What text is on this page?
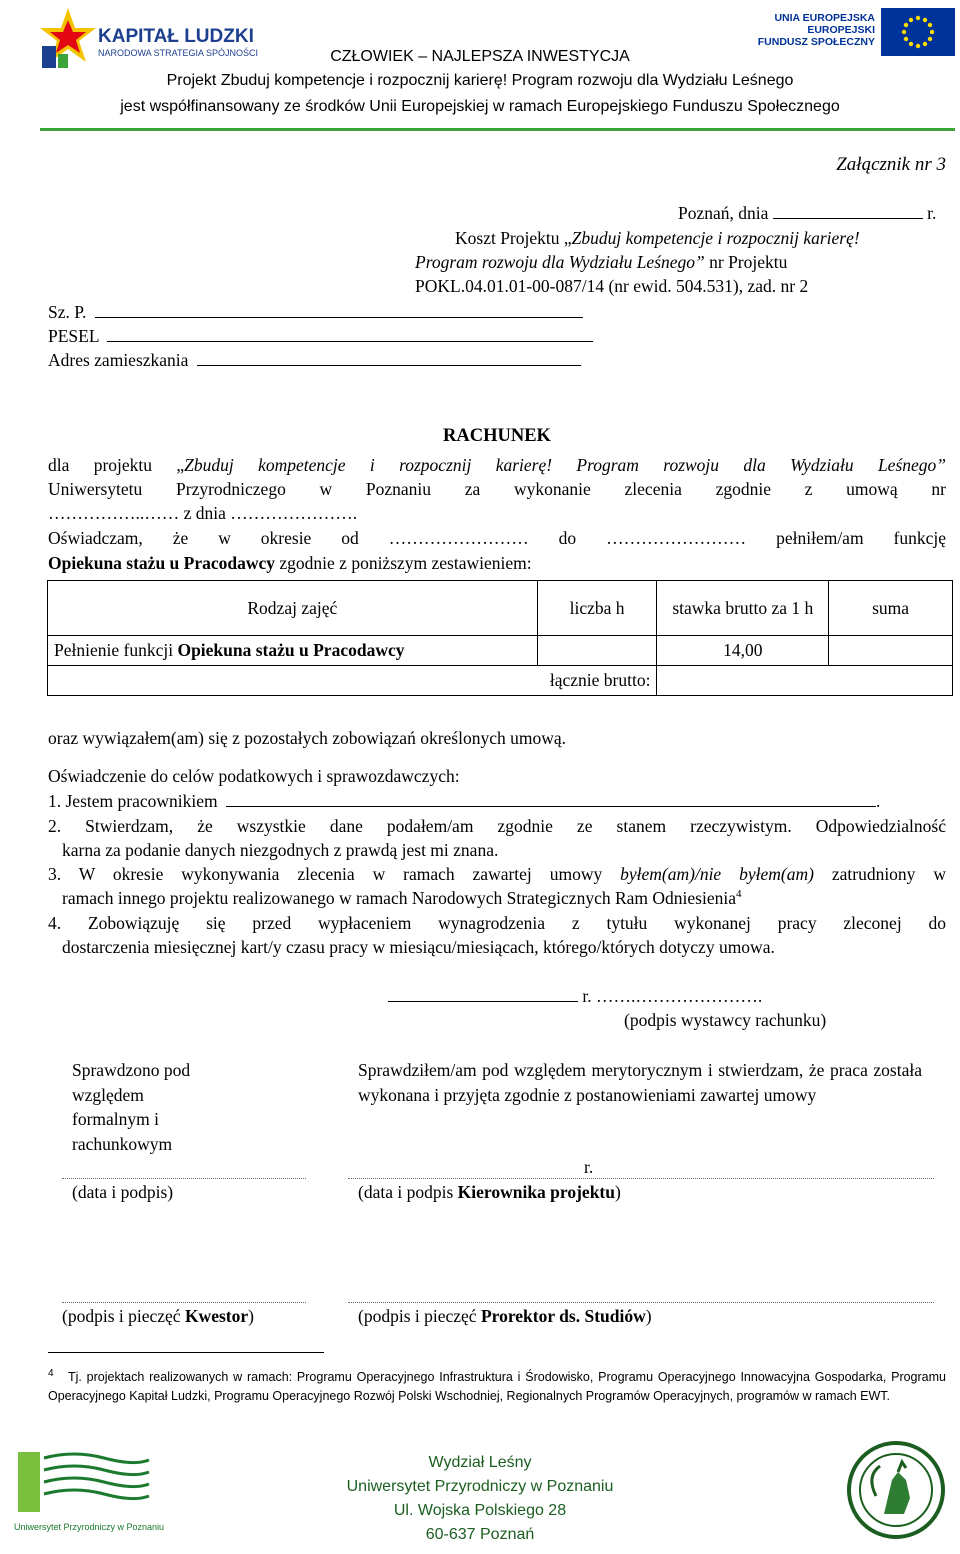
KAPITAŁ LUDZKI
NARODOWA STRATEGIA SPÓJNOŚCI
UNIA EUROPEJSKA
EUROPEJSKI
FUNDUSZ SPOŁECZNY
CZŁOWIEK – NAJLEPSZA INWESTYCJA
Projekt Zbuduj kompetencje i rozpocznij karierę! Program rozwoju dla Wydziału Leśnego
jest współfinansowany ze środków Unii Europejskiej w ramach Europejskiego Funduszu Społecznego
Załącznik nr 3
Poznań, dnia	r.
Koszt Projektu „Zbuduj kompetencje i rozpocznij karierę!
Program rozwoju dla Wydziału Leśnego” nr Projektu
POKL.04.01.01-00-087/14 (nr ewid. 504.531), zad. nr 2
Sz. P.
PESEL
Adres zamieszkania
RACHUNEK
dla projektu „Zbuduj kompetencje i rozpocznij karierę! Program rozwoju dla Wydziału Leśnego”
Uniwersytetu Przyrodniczego w Poznaniu za wykonanie zlecenia zgodnie z umową nr
……………..…… z dnia ………………….
Oświadczam, że w okresie od …………………… do …………………… pełniłem/am funkcję
Opiekuna stażu u Pracodawcy zgodnie z poniższym zestawieniem:
Rodzaj zajęć	liczba h	stawka brutto za 1 h	suma
Pełnienie funkcji Opiekuna stażu u Pracodawcy		14,00	
łącznie brutto:			
oraz wywiązałem(am) się z pozostałych zobowiązań określonych umową.
Oświadczenie do celów podatkowych i sprawozdawczych:
1. Jestem pracownikiem	.
2. Stwierdzam, że wszystkie dane podałem/am zgodnie ze stanem rzeczywistym. Odpowiedzialność
karna za podanie danych niezgodnych z prawdą jest mi znana.
3. W okresie wykonywania zlecenia w ramach zawartej umowy byłem(am)/nie byłem(am) zatrudniony w
ramach innego projektu realizowanego w ramach Narodowych Strategicznych Ram Odniesienia$^4$
4. Zobowiązuję się przed wypłaceniem wynagrodzenia z tytułu wykonanej pracy zleconej do
dostarczenia miesięcznej kart/y czasu pracy w miesiącu/miesiącach, którego/których dotyczy umowa.
r. …….………………….
(podpis wystawcy rachunku)
Sprawdzono pod
względem
formalnym i
rachunkowym
Sprawdziłem/am pod względem merytorycznym i stwierdzam, że praca została wykonana i przyjęta zgodnie z postanowieniami zawartej umowy
r.
(data i podpis)	(data i podpis Kierownika projektu)
(podpis i pieczęć Kwestor)	(podpis i pieczęć Prorektor ds. Studiów)
$^4$ Tj. projektach realizowanych w ramach: Programu Operacyjnego Infrastruktura i Środowisko, Programu Operacyjnego Innowacyjna Gospodarka, Programu Operacyjnego Kapitał Ludzki, Programu Operacyjnego Rozwój Polski Wschodniej, Regionalnych Programów Operacyjnych, programów w ramach EWT.
Uniwersytet Przyrodniczy w Poznaniu
Wydział Leśny
Uniwersytet Przyrodniczy w Poznaniu
Ul. Wojska Polskiego 28
60-637 Poznań
